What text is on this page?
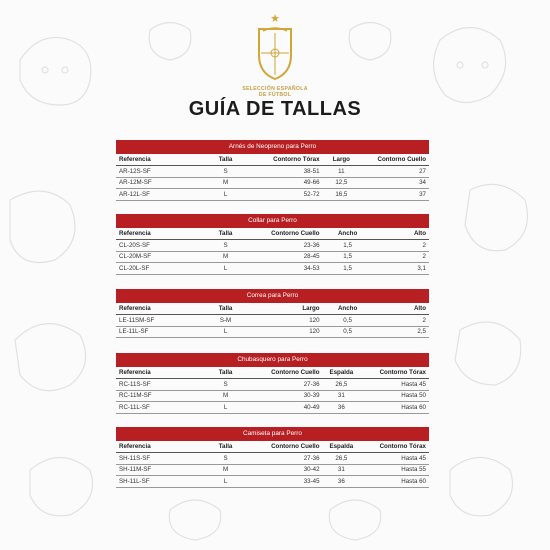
★
SELECCIÓN ESPAÑOLA
DE FÚTBOL
GUÍA DE TALLAS
Arnés de Neopreno para Perro
Referencia	Talla	Contorno Tórax	Largo	Contorno Cuello
AR-12S-SF	S	38-51	11	27
AR-12M-SF	M	49-66	12,5	34
AR-12L-SF	L	52-72	16,5	37
Collar para Perro
Referencia	Talla	Contorno Cuello	Ancho	Alto
CL-20S-SF	S	23-36	1,5	2
CL-20M-SF	M	28-45	1,5	2
CL-20L-SF	L	34-53	1,5	3,1
Correa para Perro
Referencia	Talla	Largo	Ancho	Alto
LE-11SM-SF	S-M	120	0,5	2
LE-11L-SF	L	120	0,5	2,5
Chubasquero para Perro
Referencia	Talla	Contorno Cuello	Espalda	Contorno Tórax
RC-11S-SF	S	27-36	26,5	Hasta 45
RC-11M-SF	M	30-39	31	Hasta 50
RC-11L-SF	L	40-49	36	Hasta 60
Camiseta para Perro
Referencia	Talla	Contorno Cuello	Espalda	Contorno Tórax
SH-11S-SF	S	27-36	26,5	Hasta 45
SH-11M-SF	M	30-42	31	Hasta 55
SH-11L-SF	L	33-45	36	Hasta 60
